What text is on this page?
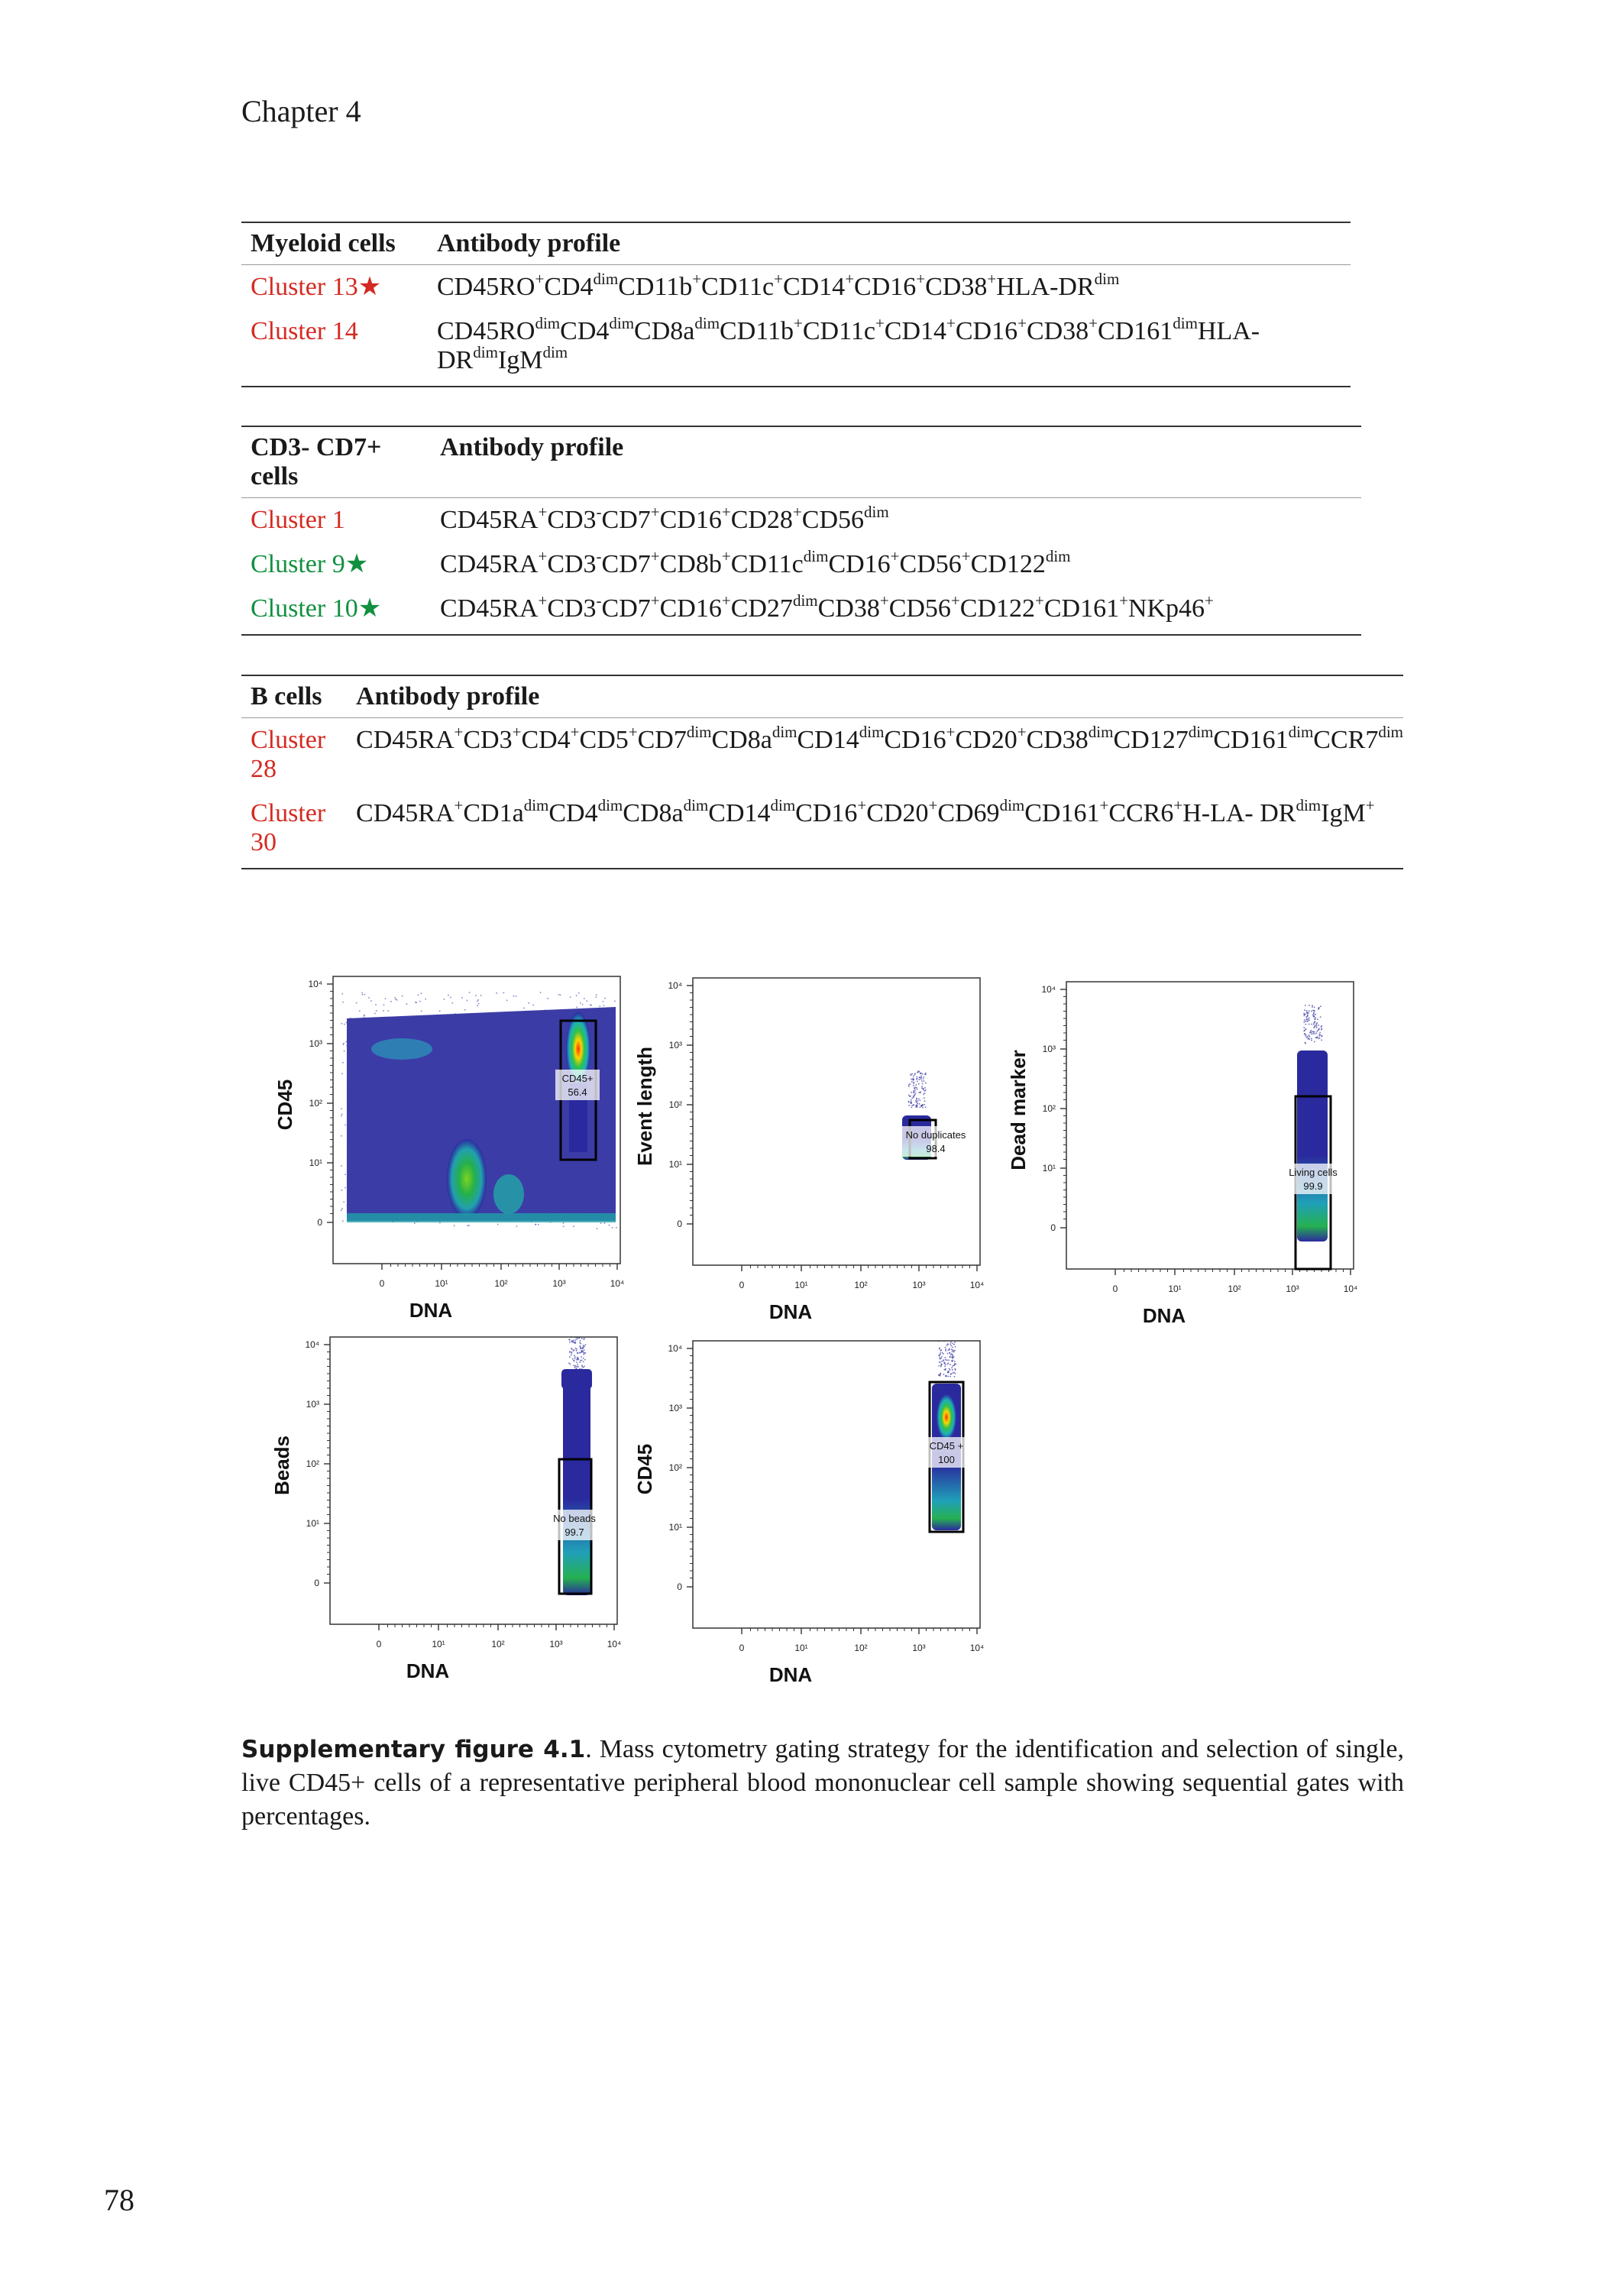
Chapter 4
Myeloid cells	Antibody profile
Cluster 13★	$CD45RO^+CD4^{dim}CD11b^+CD11c^+CD14^+CD16^+CD38^+HLA-DR^{dim}$
Cluster 14	$CD45RO^{dim}CD4^{dim}CD8a^{dim}CD11b^+CD11c^+CD14^+CD16^+CD38^+CD161^{dim}HLA-DR^{dim}IgM^{dim}$
CD3- CD7+ cells	Antibody profile
Cluster 1	$CD45RA^+CD3^-CD7^+CD16^+CD28^+CD56^{dim}$
Cluster 9★	$CD45RA^+CD3^-CD7^+CD8b^+CD11c^{dim}CD16^+CD56^+CD122^{dim}$
Cluster 10★	$CD45RA^+CD3^-CD7^+CD16^+CD27^{dim}CD38^+CD56^+CD122^+CD161^+NKp46^+$
B cells	Antibody profile
Cluster 28	$CD45RA^+CD3^+CD4^+CD5^+CD7^{dim}CD8a^{dim}CD14^{dim}CD16^+CD20^+CD38^{dim}CD127^{dim}CD161^{dim}CCR7^{dim}$
Cluster 30	$CD45RA^+CD1a^{dim}CD4^{dim}CD8a^{dim}CD14^{dim}CD16^+CD20^+CD69^{dim}CD161^+CCR6^+H-LA-$ $DR^{dim}IgM^+$
10⁴
10³
10²
10¹
0
0	10¹	10²	10³	10⁴
DNA
CD45
CD45+
56.4
10⁴
10³
10²
10¹
0
0	10¹	10²	10³	10⁴
DNA
Event length	No duplicates
98.4
10⁴
10³
10²
10¹
0
0	10¹	10²	10³	10⁴
DNA
Dead marker
Living cells
99.9
10⁴
10³
10²
10¹
0
0	10¹	10²	10³	10⁴
DNA
Beads
No beads
99.7
10⁴
10³
10²
10¹
0
0	10¹	10²	10³	10⁴
DNA
CD45	CD45 +
100
Supplementary figure 4.1. Mass cytometry gating strategy for the identification and selection of single, live CD45+ cells of a representative peripheral blood mononuclear cell sample showing sequential gates with percentages.
78
